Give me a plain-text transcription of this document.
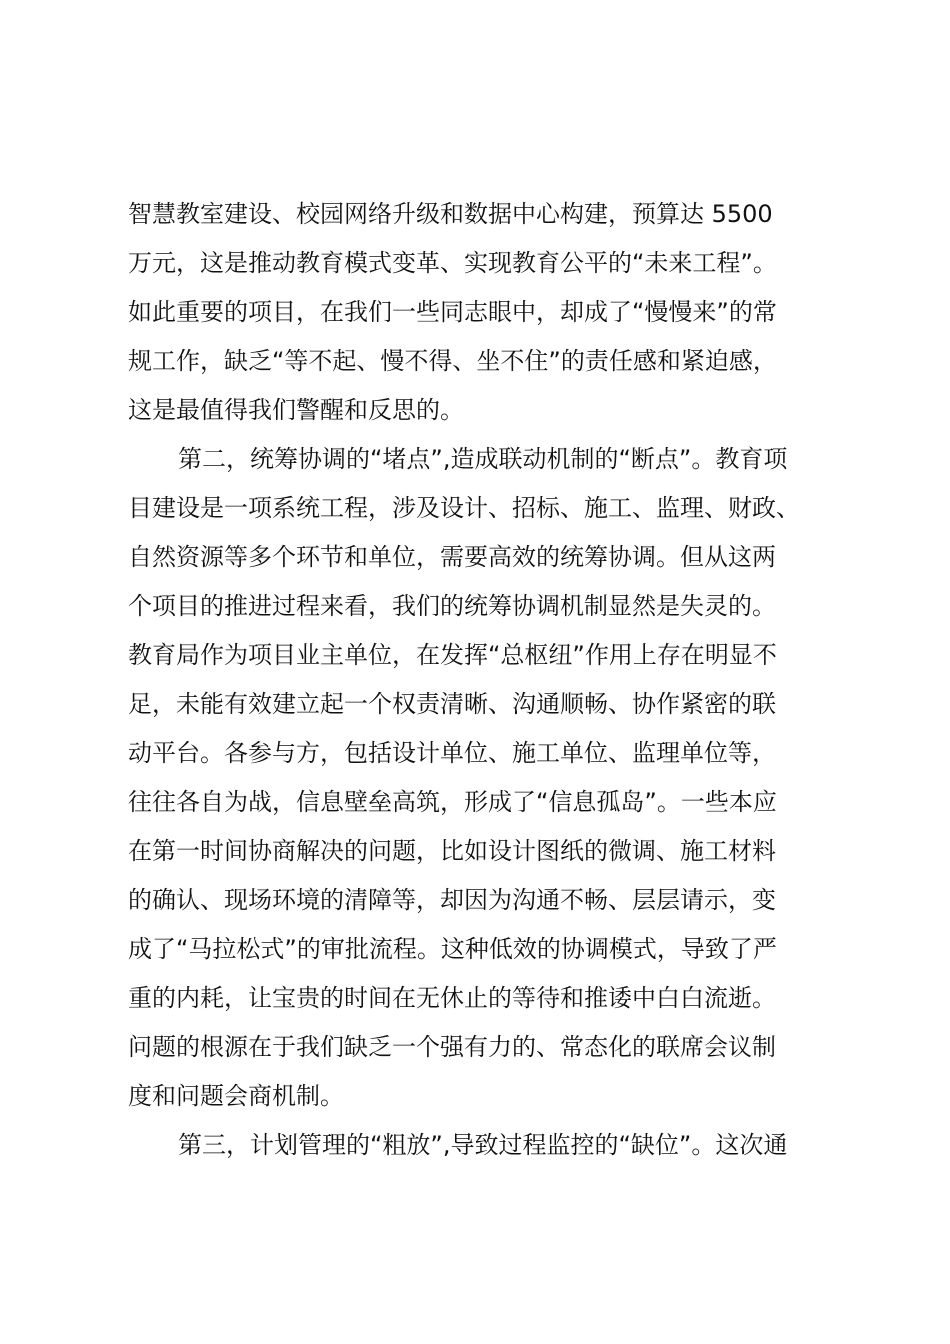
智慧教室建设、校园网络升级和数据中心构建，预算达 5500
万元，这是推动教育模式变革、实现教育公平的“未来工程”。
如此重要的项目，在我们一些同志眼中，却成了“慢慢来”的常
规工作，缺乏“等不起、慢不得、坐不住”的责任感和紧迫感，
这是最值得我们警醒和反思的。
第二，统筹协调的“堵点”,造成联动机制的“断点”。教育项
目建设是一项系统工程，涉及设计、招标、施工、监理、财政、
自然资源等多个环节和单位，需要高效的统筹协调。但从这两
个项目的推进过程来看，我们的统筹协调机制显然是失灵的。
教育局作为项目业主单位，在发挥“总枢纽”作用上存在明显不
足，未能有效建立起一个权责清晰、沟通顺畅、协作紧密的联
动平台。各参与方，包括设计单位、施工单位、监理单位等，
往往各自为战，信息壁垒高筑，形成了“信息孤岛”。一些本应
在第一时间协商解决的问题，比如设计图纸的微调、施工材料
的确认、现场环境的清障等，却因为沟通不畅、层层请示，变
成了“马拉松式”的审批流程。这种低效的协调模式，导致了严
重的内耗，让宝贵的时间在无休止的等待和推诿中白白流逝。
问题的根源在于我们缺乏一个强有力的、常态化的联席会议制
度和问题会商机制。
第三，计划管理的“粗放”,导致过程监控的“缺位”。这次通
